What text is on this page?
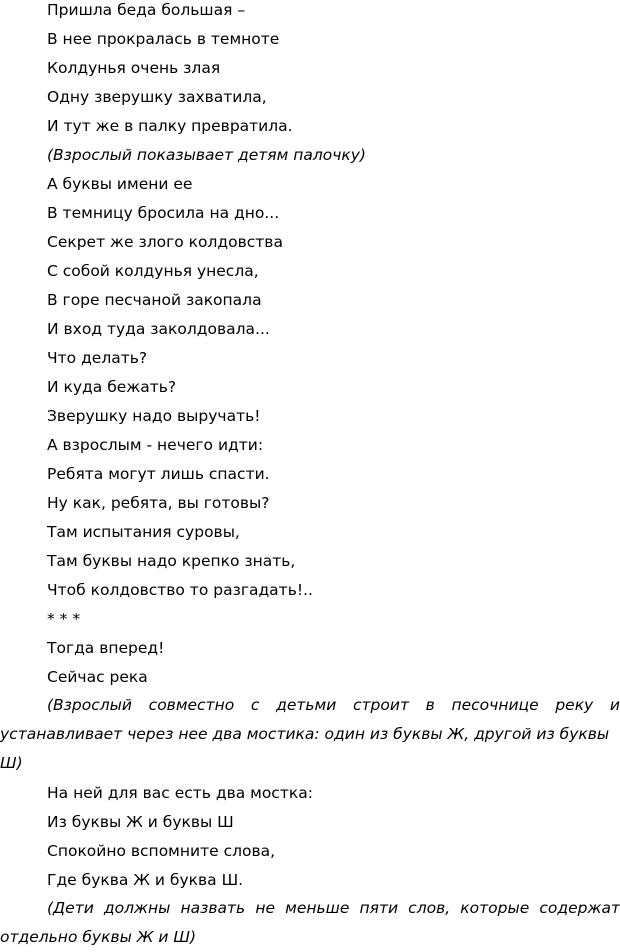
Пришла беда большая –
В нее прокралась в темноте
Колдунья очень злая
Одну зверушку захватила,
И тут же в палку превратила.
(Взрослый показывает детям палочку)
А буквы имени ее
В темницу бросила на дно...
Секрет же злого колдовства
С собой колдунья унесла,
В горе песчаной закопала
И вход туда заколдовала...
Что делать?
И куда бежать?
Зверушку надо выручать!
А взрослым - нечего идти:
Ребята могут лишь спасти.
Ну как, ребята, вы готовы?
Там испытания суровы,
Там буквы надо крепко знать,
Чтоб колдовство то разгадать!..
* * *
Тогда вперед!
Сейчас река
(Взрослый совместно с детьми строит в песочнице реку и
устанавливает через нее два мостика: один из буквы Ж, другой из буквы
Ш)
На ней для вас есть два мостка:
Из буквы Ж и буквы Ш
Спокойно вспомните слова,
Где буква Ж и буква Ш.
(Дети должны назвать не меньше пяти слов, которые содержат
отдельно буквы Ж и Ш)
